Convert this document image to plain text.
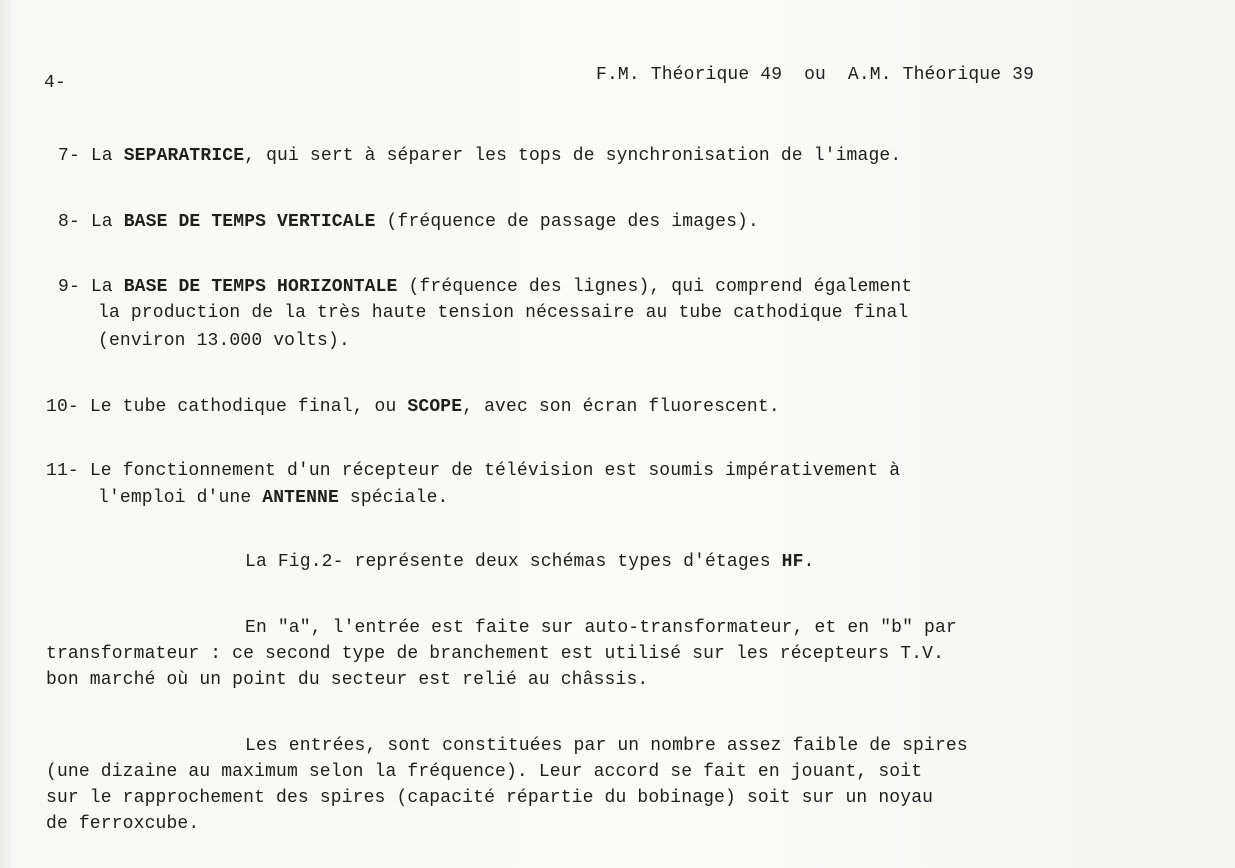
4-	F.M. Théorique 49  ou  A.M. Théorique 39
7- La SEPARATRICE, qui sert à séparer les tops de synchronisation de l'image.
8- La BASE DE TEMPS VERTICALE (fréquence de passage des images).
9- La BASE DE TEMPS HORIZONTALE (fréquence des lignes), qui comprend également
la production de la très haute tension nécessaire au tube cathodique final
(environ 13.000 volts).
10- Le tube cathodique final, ou SCOPE, avec son écran fluorescent.
11- Le fonctionnement d'un récepteur de télévision est soumis impérativement à
l'emploi d'une ANTENNE spéciale.
La Fig.2- représente deux schémas types d'étages HF.
En "a", l'entrée est faite sur auto-transformateur, et en "b" par
transformateur : ce second type de branchement est utilisé sur les récepteurs T.V.
bon marché où un point du secteur est relié au châssis.
Les entrées, sont constituées par un nombre assez faible de spires
(une dizaine au maximum selon la fréquence). Leur accord se fait en jouant, soit
sur le rapprochement des spires (capacité répartie du bobinage) soit sur un noyau
de ferroxcube.
